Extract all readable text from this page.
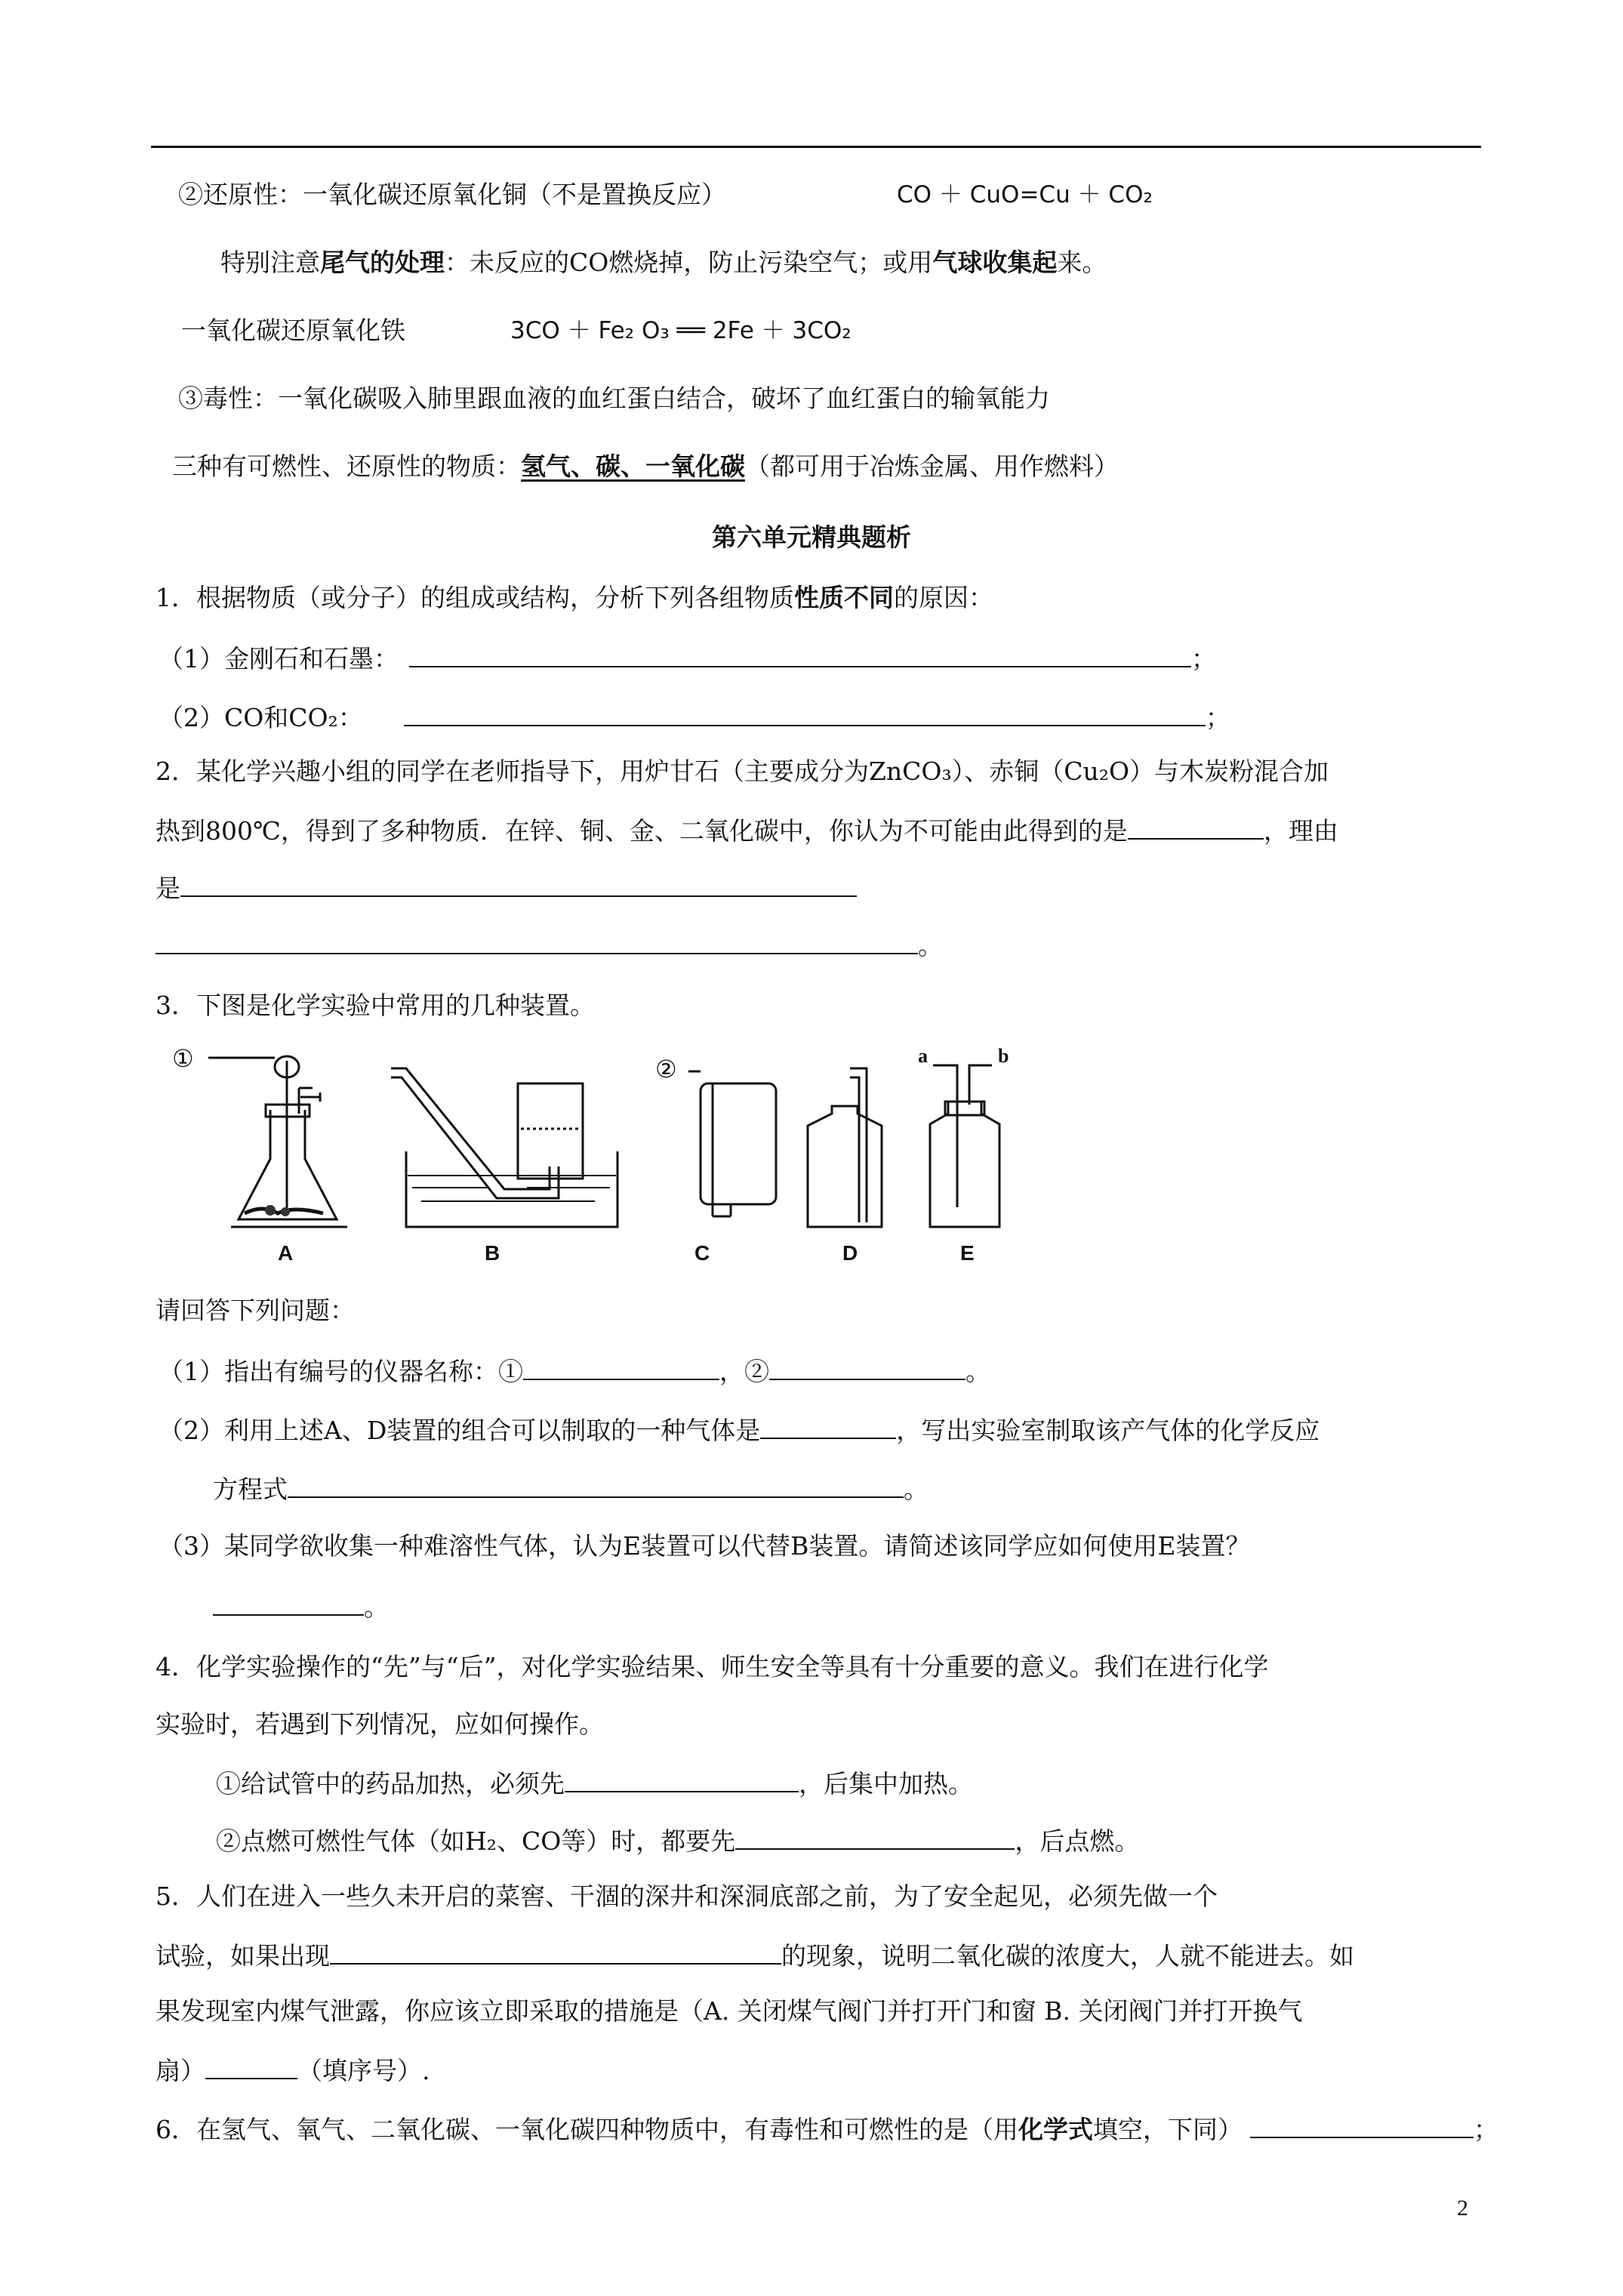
②还原性：一氧化碳还原氧化铜（不是置换反应）	CO ＋ CuO=Cu ＋ CO₂
特别注意尾气的处理：未反应的CO燃烧掉，防止污染空气；或用气球收集起来。
一氧化碳还原氧化铁	3CO ＋ Fe₂ O₃ ══ 2Fe ＋ 3CO₂
③毒性：一氧化碳吸入肺里跟血液的血红蛋白结合，破坏了血红蛋白的输氧能力
三种有可燃性、还原性的物质：氢气、碳、一氧化碳（都可用于冶炼金属、用作燃料）
第六单元精典题析
1．根据物质（或分子）的组成或结构，分析下列各组物质性质不同的原因：
（1）金刚石和石墨：	；
（2）CO和CO₂：	；
2．某化学兴趣小组的同学在老师指导下，用炉甘石（主要成分为ZnCO₃）、赤铜（Cu₂O）与木炭粉混合加
热到800℃，得到了多种物质．在锌、铜、金、二氧化碳中，你认为不可能由此得到的是	，理由
是
。
3．下图是化学实验中常用的几种装置。
①	②	a	b
A	B	C	D	E
请回答下列问题：
（1）指出有编号的仪器名称：①	，②	。
（2）利用上述A、D装置的组合可以制取的一种气体是	，写出实验室制取该产气体的化学反应
方程式	。
（3）某同学欲收集一种难溶性气体，认为E装置可以代替B装置。请简述该同学应如何使用E装置？
。
4．化学实验操作的“先”与“后”，对化学实验结果、师生安全等具有十分重要的意义。我们在进行化学
实验时，若遇到下列情况，应如何操作。
①给试管中的药品加热，必须先	，后集中加热。
②点燃可燃性气体（如H₂、CO等）时，都要先	，后点燃。
5．人们在进入一些久未开启的菜窖、干涸的深井和深洞底部之前，为了安全起见，必须先做一个
试验，如果出现	的现象，说明二氧化碳的浓度大，人就不能进去。如
果发现室内煤气泄露，你应该立即采取的措施是（A. 关闭煤气阀门并打开门和窗 B. 关闭阀门并打开换气
扇）	（填序号）.
6．在氢气、氧气、二氧化碳、一氧化碳四种物质中，有毒性和可燃性的是（用化学式填空，下同）	；
2
